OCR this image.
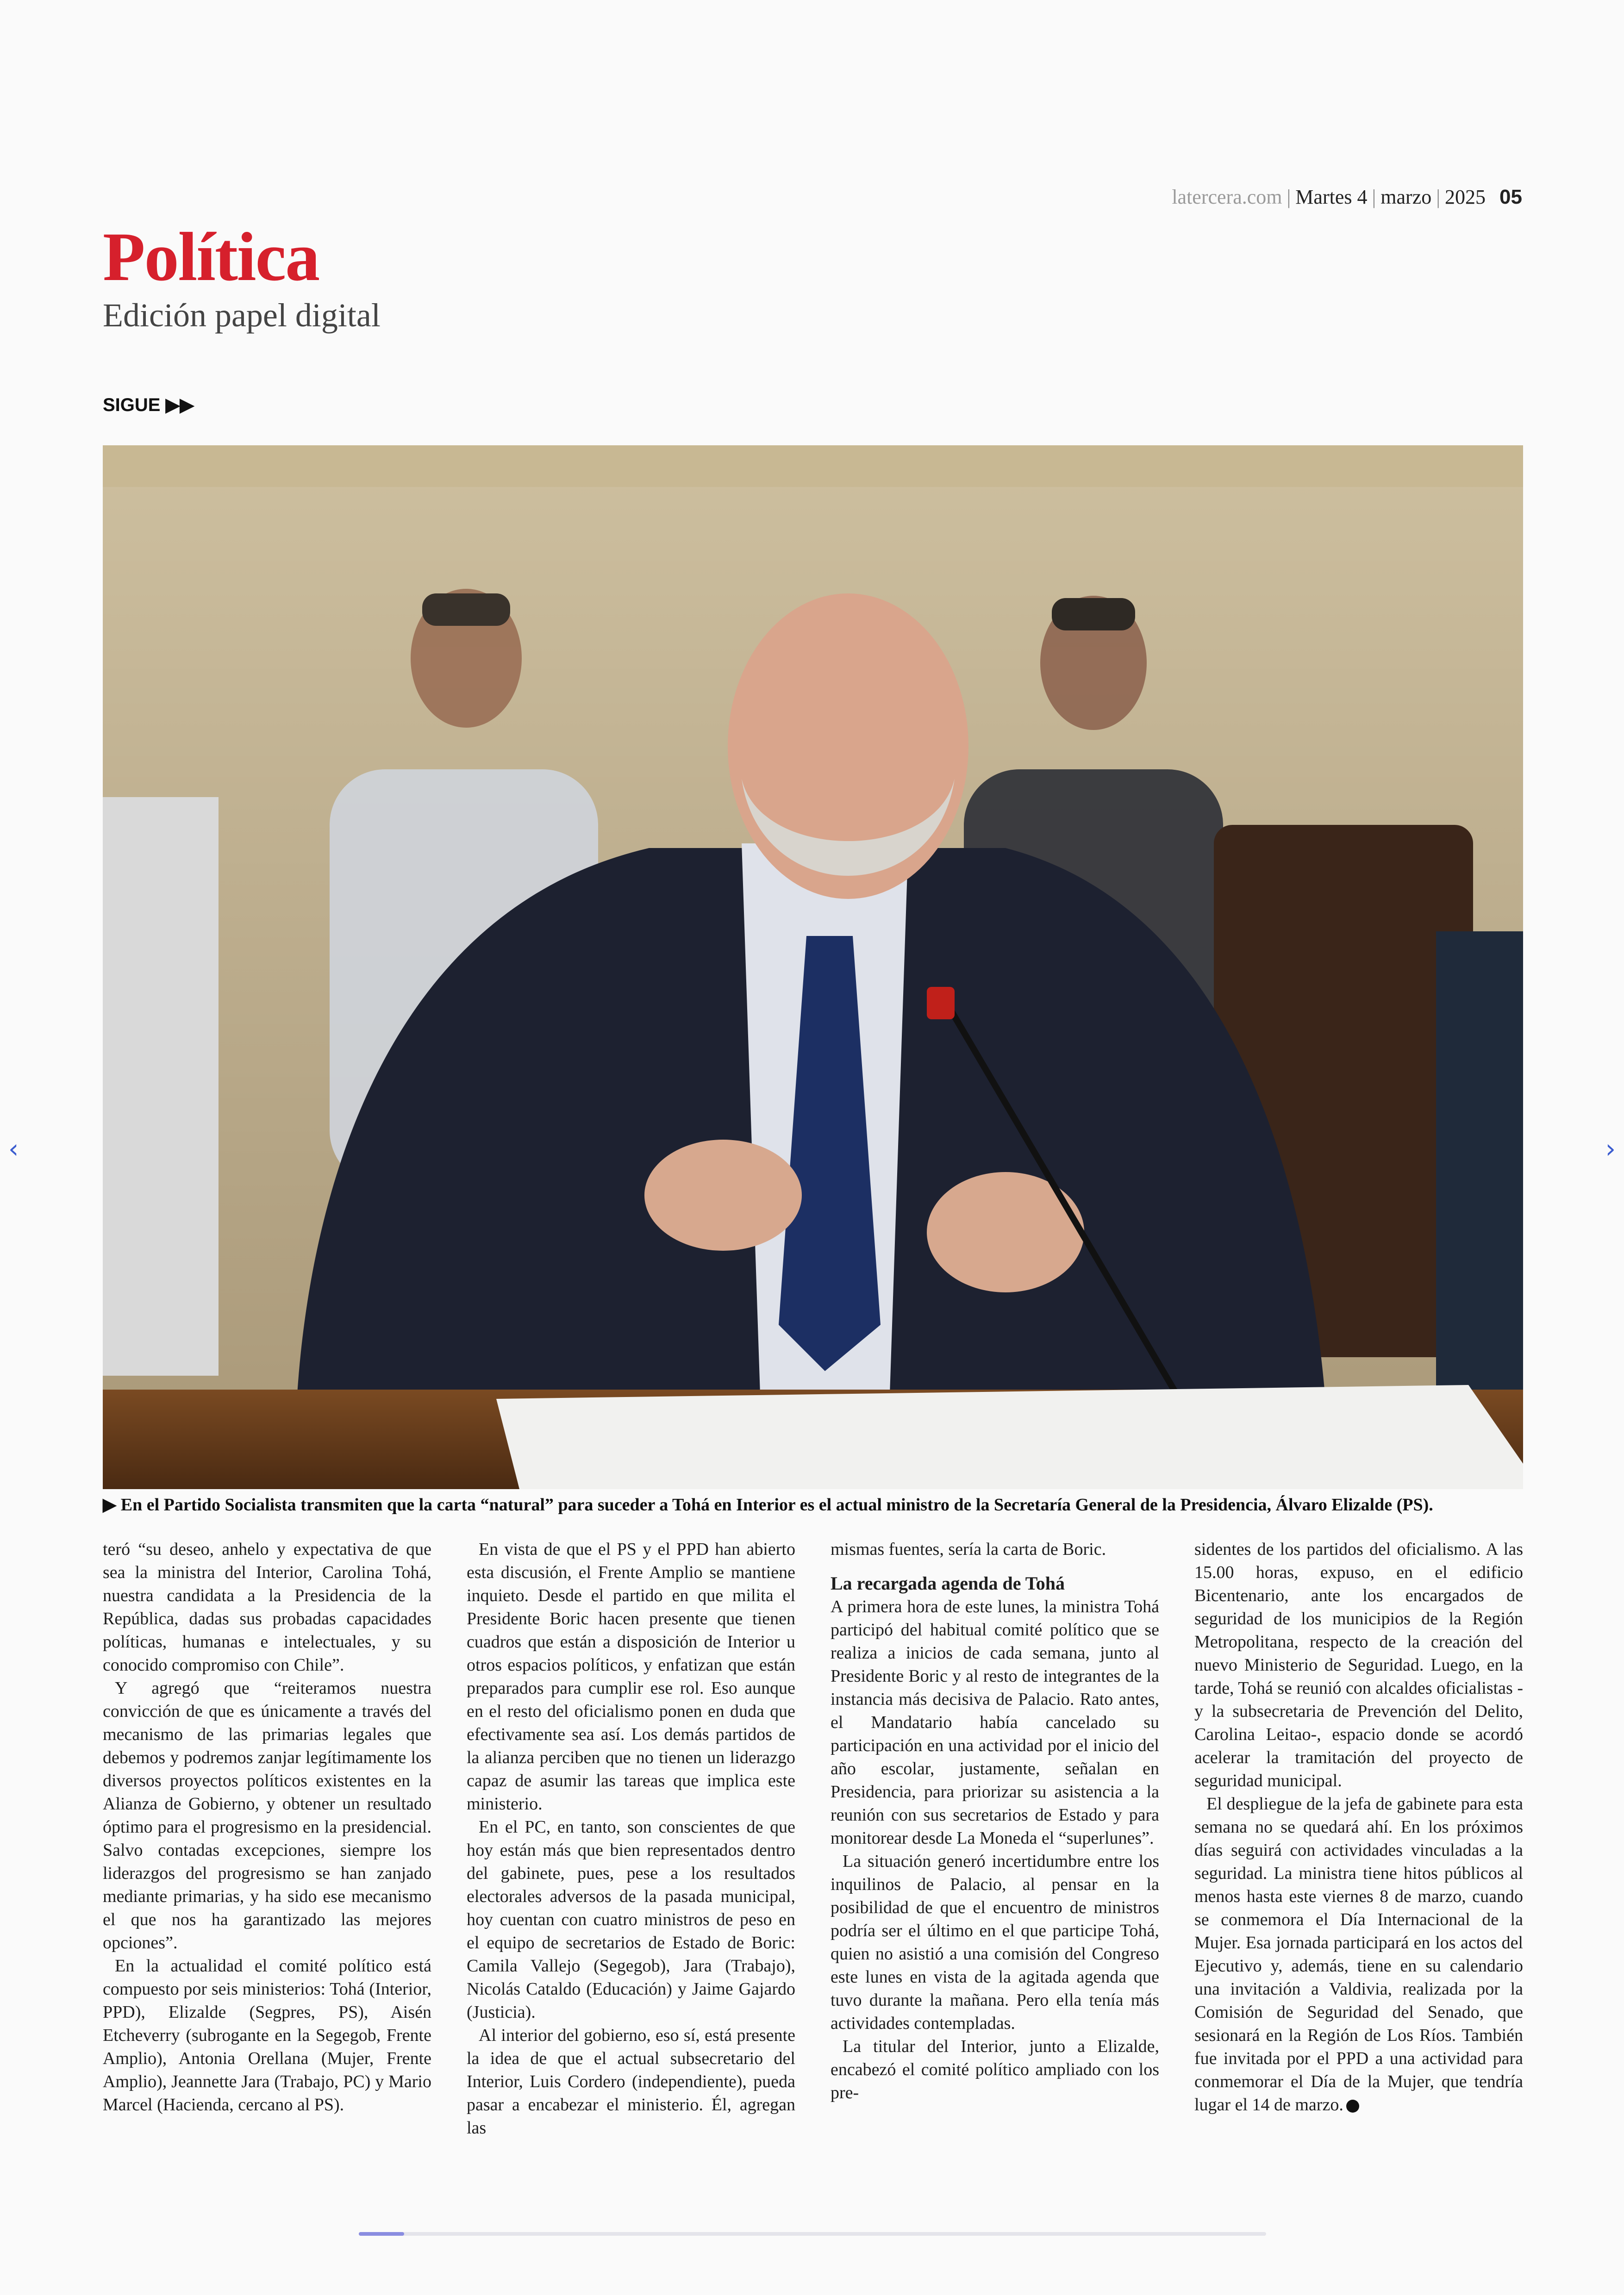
latercera.com | Martes 4 | marzo | 2025 05
Política
Edición papel digital
SIGUE ▶▶
▶ En el Partido Socialista transmiten que la carta “natural” para suceder a Tohá en Interior es el actual ministro de la Secretaría General de la Presidencia, Álvaro Elizalde (PS).

teró “su deseo, anhelo y expectativa de que sea la ministra del Interior, Carolina Tohá, nuestra candidata a la Presidencia de la República, dadas sus probadas capacidades políticas, humanas e intelectuales, y su conocido compromiso con Chile”.

Y agregó que “reiteramos nuestra convicción de que es únicamente a través del mecanismo de las primarias legales que debemos y podremos zanjar legítimamente los diversos proyectos políticos existentes en la Alianza de Gobierno, y obtener un resultado óptimo para el progresismo en la presidencial. Salvo contadas excepciones, siempre los liderazgos del progresismo se han zanjado mediante primarias, y ha sido ese mecanismo el que nos ha garantizado las mejores opciones”.

En la actualidad el comité político está compuesto por seis ministerios: Tohá (Interior, PPD), Elizalde (Segpres, PS), Aisén Etcheverry (subrogante en la Segegob, Frente Amplio), Antonia Orellana (Mujer, Frente Amplio), Jeannette Jara (Trabajo, PC) y Mario Marcel (Hacienda, cercano al PS).

En vista de que el PS y el PPD han abierto esta discusión, el Frente Amplio se mantiene inquieto. Desde el partido en que milita el Presidente Boric hacen presente que tienen cuadros que están a disposición de Interior u otros espacios políticos, y enfatizan que están preparados para cumplir ese rol. Eso aunque en el resto del oficialismo ponen en duda que efectivamente sea así. Los demás partidos de la alianza perciben que no tienen un liderazgo capaz de asumir las tareas que implica este ministerio.

En el PC, en tanto, son conscientes de que hoy están más que bien representados dentro del gabinete, pues, pese a los resultados electorales adversos de la pasada municipal, hoy cuentan con cuatro ministros de peso en el equipo de secretarios de Estado de Boric: Camila Vallejo (Segegob), Jara (Trabajo), Nicolás Cataldo (Educación) y Jaime Gajardo (Justicia).

Al interior del gobierno, eso sí, está presente la idea de que el actual subsecretario del Interior, Luis Cordero (independiente), pueda pasar a encabezar el ministerio. Él, agregan las

mismas fuentes, sería la carta de Boric.

La recargada agenda de Tohá

A primera hora de este lunes, la ministra Tohá participó del habitual comité político que se realiza a inicios de cada semana, junto al Presidente Boric y al resto de integrantes de la instancia más decisiva de Palacio. Rato antes, el Mandatario había cancelado su participación en una actividad por el inicio del año escolar, justamente, señalan en Presidencia, para priorizar su asistencia a la reunión con sus secretarios de Estado y para monitorear desde La Moneda el “superlunes”.

La situación generó incertidumbre entre los inquilinos de Palacio, al pensar en la posibilidad de que el encuentro de ministros podría ser el último en el que participe Tohá, quien no asistió a una comisión del Congreso este lunes en vista de la agitada agenda que tuvo durante la mañana. Pero ella tenía más actividades contempladas.

La titular del Interior, junto a Elizalde, encabezó el comité político ampliado con los pre-

sidentes de los partidos del oficialismo. A las 15.00 horas, expuso, en el edificio Bicentenario, ante los encargados de seguridad de los municipios de la Región Metropolitana, respecto de la creación del nuevo Ministerio de Seguridad. Luego, en la tarde, Tohá se reunió con alcaldes oficialistas -y la subsecretaria de Prevención del Delito, Carolina Leitao-, espacio donde se acordó acelerar la tramitación del proyecto de seguridad municipal.

El despliegue de la jefa de gabinete para esta semana no se quedará ahí. En los próximos días seguirá con actividades vinculadas a la seguridad. La ministra tiene hitos públicos al menos hasta este viernes 8 de marzo, cuando se conmemora el Día Internacional de la Mujer. Esa jornada participará en los actos del Ejecutivo y, además, tiene en su calendario una invitación a Valdivia, realizada por la Comisión de Seguridad del Senado, que sesionará en la Región de Los Ríos. También fue invitada por el PPD a una actividad para conmemorar el Día de la Mujer, que tendría lugar el 14 de marzo.

‹	›
